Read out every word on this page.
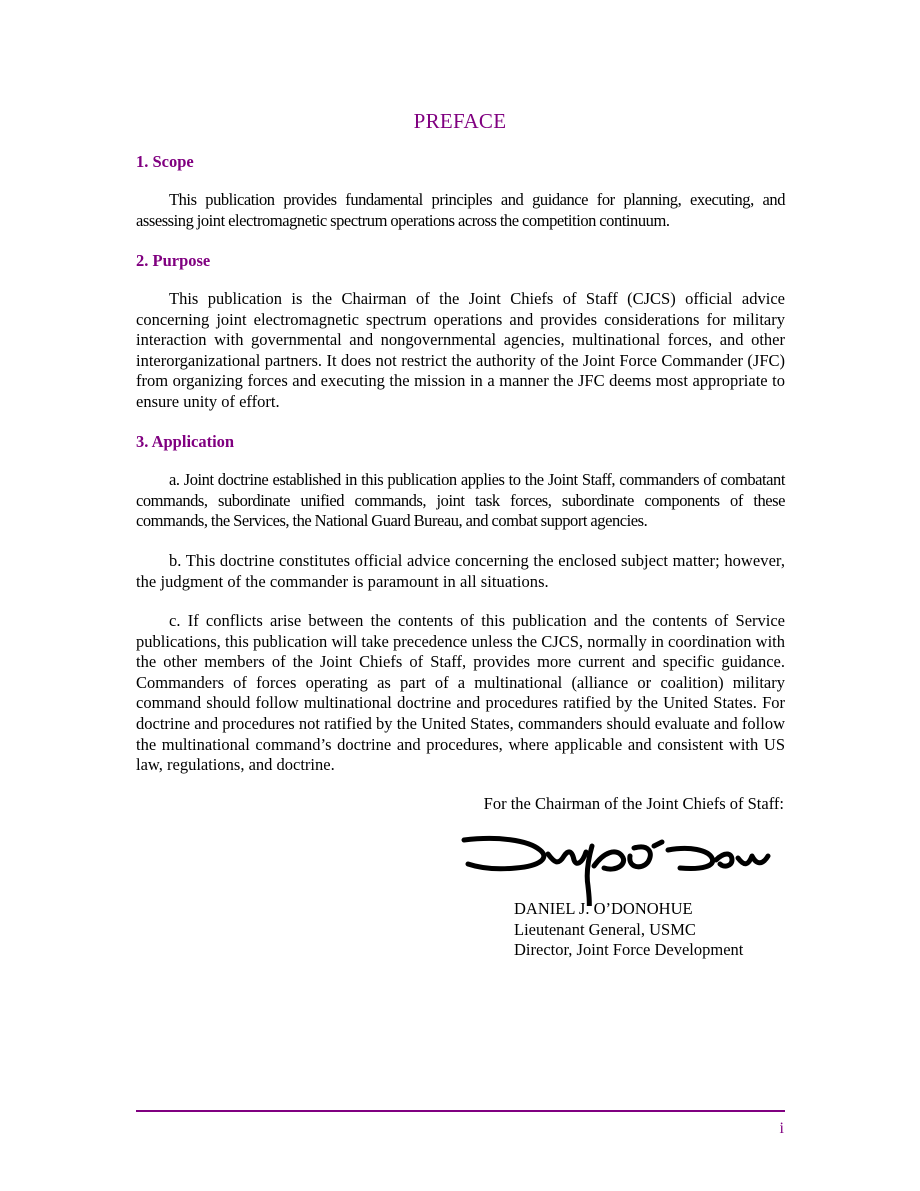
PREFACE
1. Scope

This publication provides fundamental principles and guidance for planning, executing, and assessing joint electromagnetic spectrum operations across the competition continuum.

2. Purpose

This publication is the Chairman of the Joint Chiefs of Staff (CJCS) official advice concerning joint electromagnetic spectrum operations and provides considerations for military interaction with governmental and nongovernmental agencies, multinational forces, and other interorganizational partners. It does not restrict the authority of the Joint Force Commander (JFC) from organizing forces and executing the mission in a manner the JFC deems most appropriate to ensure unity of effort.

3. Application

a. Joint doctrine established in this publication applies to the Joint Staff, commanders of combatant commands, subordinate unified commands, joint task forces, subordinate components of these commands, the Services, the National Guard Bureau, and combat support agencies.

b. This doctrine constitutes official advice concerning the enclosed subject matter; however, the judgment of the commander is paramount in all situations.

c. If conflicts arise between the contents of this publication and the contents of Service publications, this publication will take precedence unless the CJCS, normally in coordination with the other members of the Joint Chiefs of Staff, provides more current and specific guidance. Commanders of forces operating as part of a multinational (alliance or coalition) military command should follow multinational doctrine and procedures ratified by the United States. For doctrine and procedures not ratified by the United States, commanders should evaluate and follow the multinational command’s doctrine and procedures, where applicable and consistent with US law, regulations, and doctrine.

For the Chairman of the Joint Chiefs of Staff:
DANIEL J. O’DONOHUE
Lieutenant General, USMC
Director, Joint Force Development
i
